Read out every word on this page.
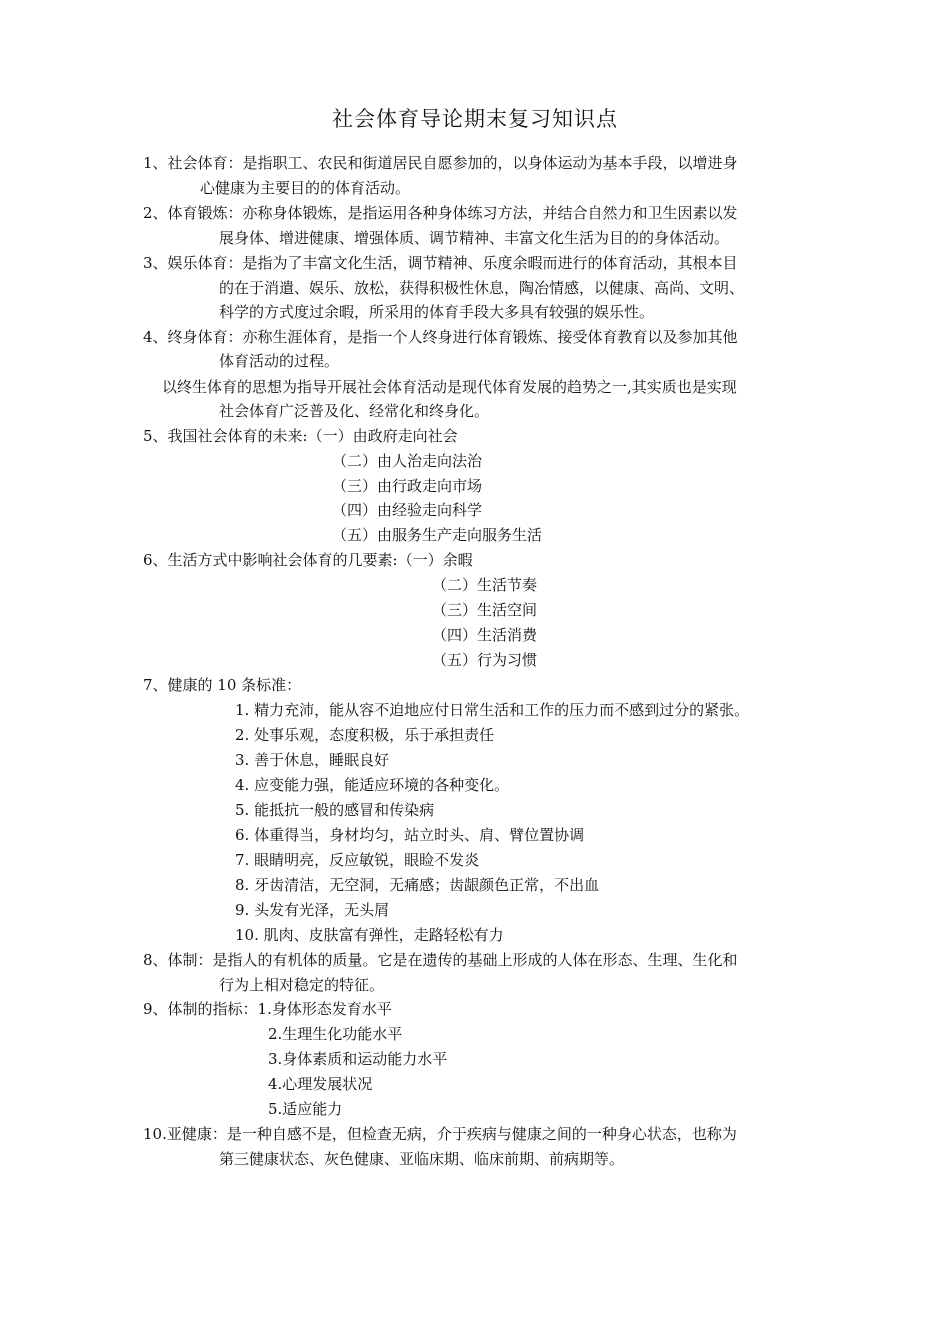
社会体育导论期末复习知识点
1、社会体育：是指职工、农民和街道居民自愿参加的，以身体运动为基本手段，以增进身
心健康为主要目的的体育活动。
2、体育锻炼：亦称身体锻炼，是指运用各种身体练习方法，并结合自然力和卫生因素以发
展身体、增进健康、增强体质、调节精神、丰富文化生活为目的的身体活动。
3、娱乐体育：是指为了丰富文化生活，调节精神、乐度余暇而进行的体育活动，其根本目
的在于消遣、娱乐、放松，获得积极性休息，陶冶情感，以健康、高尚、文明、
科学的方式度过余暇，所采用的体育手段大多具有较强的娱乐性。
4、终身体育：亦称生涯体育，是指一个人终身进行体育锻炼、接受体育教育以及参加其他
体育活动的过程。
以终生体育的思想为指导开展社会体育活动是现代体育发展的趋势之一,其实质也是实现
社会体育广泛普及化、经常化和终身化。
5、我国社会体育的未来:（一）由政府走向社会
（二）由人治走向法治
（三）由行政走向市场
（四）由经验走向科学
（五）由服务生产走向服务生活
6、生活方式中影响社会体育的几要素:（一）余暇
（二）生活节奏
（三）生活空间
（四）生活消费
（五）行为习惯
7、健康的 10 条标准：
1. 精力充沛，能从容不迫地应付日常生活和工作的压力而不感到过分的紧张。
2. 处事乐观，态度积极，乐于承担责任
3. 善于休息，睡眠良好
4. 应变能力强，能适应环境的各种变化。
5. 能抵抗一般的感冒和传染病
6. 体重得当，身材均匀，站立时头、肩、臂位置协调
7. 眼睛明亮，反应敏锐，眼睑不发炎
8. 牙齿清洁，无空洞，无痛感；齿龈颜色正常，不出血
9. 头发有光泽，无头屑
10. 肌肉、皮肤富有弹性，走路轻松有力
8、体制：是指人的有机体的质量。它是在遗传的基础上形成的人体在形态、生理、生化和
行为上相对稳定的特征。
9、体制的指标：1.身体形态发育水平
2.生理生化功能水平
3.身体素质和运动能力水平
4.心理发展状况
5.适应能力
10.亚健康：是一种自感不是，但检查无病，介于疾病与健康之间的一种身心状态，也称为
第三健康状态、灰色健康、亚临床期、临床前期、前病期等。
